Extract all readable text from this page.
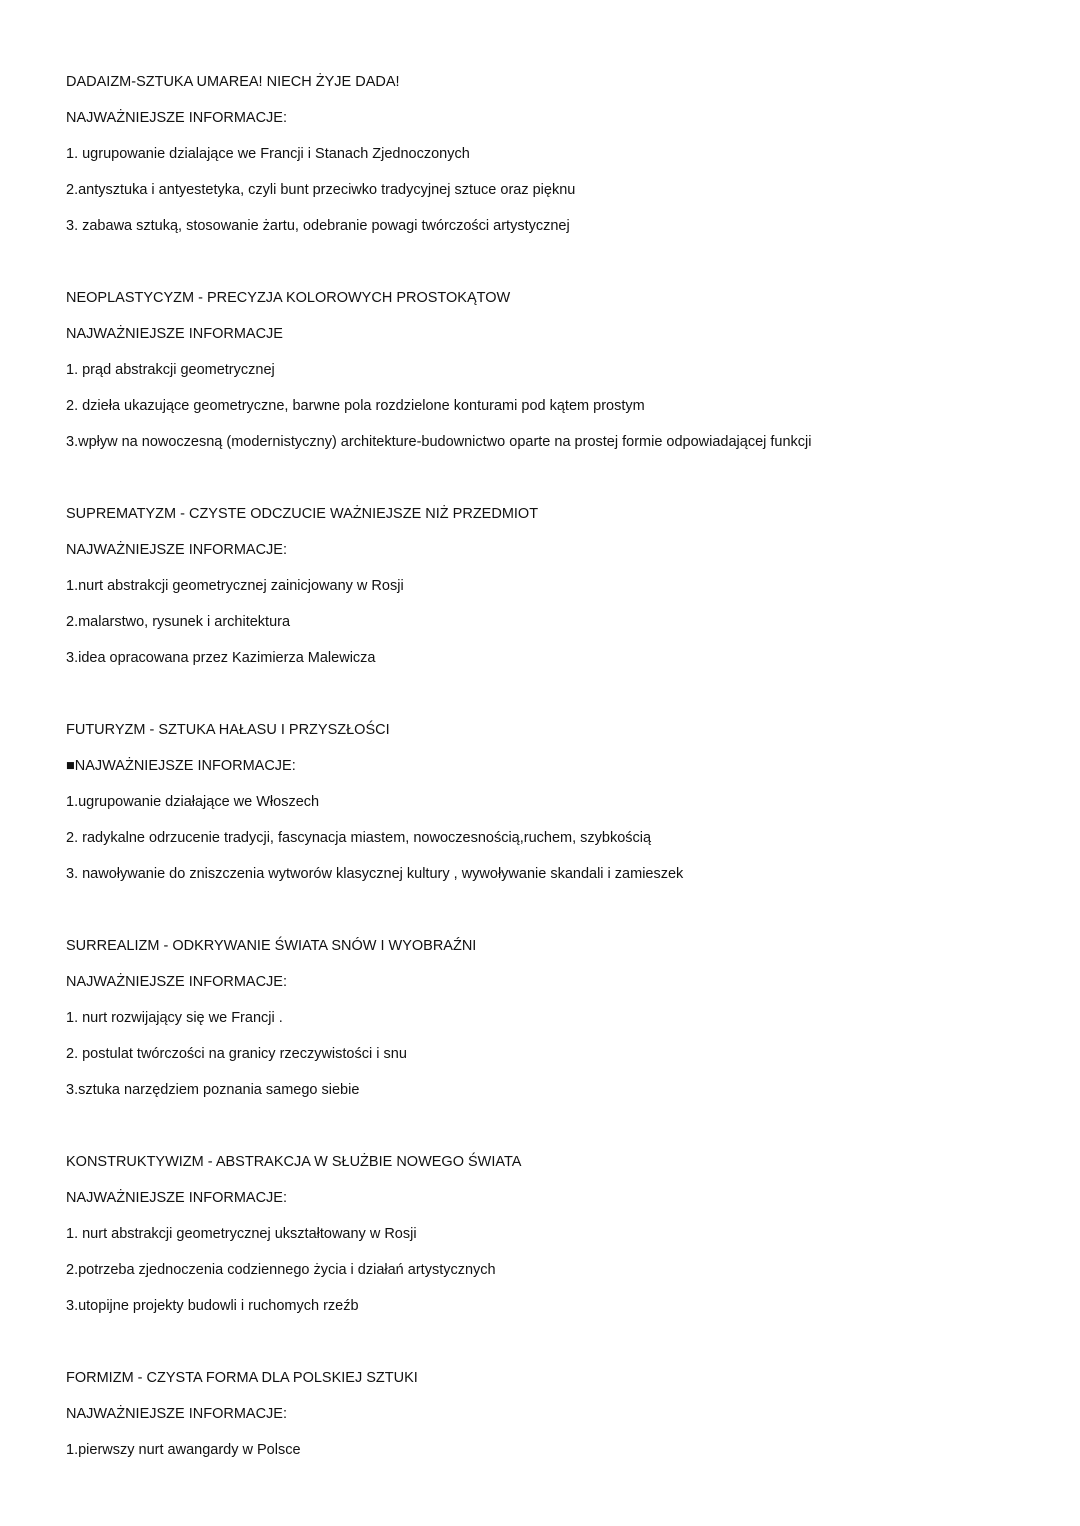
DADAIZM-SZTUKA UMAREA! NIECH ŻYJE DADA!
NAJWAŻNIEJSZE INFORMACJE:
1. ugrupowanie dzialające we Francji i Stanach Zjednoczonych
2.antysztuka i antyestetyka, czyli bunt przeciwko tradycyjnej sztuce oraz pięknu
3. zabawa sztuką, stosowanie żartu, odebranie powagi twórczości artystycznej
NEOPLASTYCYZM - PRECYZJA KOLOROWYCH PROSTOKĄTOW
NAJWAŻNIEJSZE INFORMACJE
1. prąd abstrakcji geometrycznej
2. dzieła ukazujące geometryczne, barwne pola rozdzielone konturami pod kątem prostym
3.wpływ na nowoczesną (modernistyczny) architekture-budownictwo oparte na prostej formie odpowiadającej funkcji
SUPREMATYZM - CZYSTE ODCZUCIE WAŻNIEJSZE NIŻ PRZEDMIOT
NAJWAŻNIEJSZE INFORMACJE:
1.nurt abstrakcji geometrycznej zainicjowany w Rosji
2.malarstwo, rysunek i architektura
3.idea opracowana przez Kazimierza Malewicza
FUTURYZM - SZTUKA HAŁASU I PRZYSZŁOŚCI
■NAJWAŻNIEJSZE INFORMACJE:
1.ugrupowanie działające we Włoszech
2. radykalne odrzucenie tradycji, fascynacja miastem, nowoczesnością,ruchem, szybkością
3. nawoływanie do zniszczenia wytworów klasycznej kultury , wywoływanie skandali i zamieszek
SURREALIZM - ODKRYWANIE ŚWIATA SNÓW I WYOBRAŹNI
NAJWAŻNIEJSZE INFORMACJE:
1. nurt rozwijający się we Francji .
2. postulat twórczości na granicy rzeczywistości i snu
3.sztuka narzędziem poznania samego siebie
KONSTRUKTYWIZM - ABSTRAKCJA W SŁUŻBIE NOWEGO ŚWIATA
NAJWAŻNIEJSZE INFORMACJE:
1. nurt abstrakcji geometrycznej ukształtowany w Rosji
2.potrzeba zjednoczenia codziennego życia i działań artystycznych
3.utopijne projekty budowli i ruchomych rzeźb
FORMIZM - CZYSTA FORMA DLA POLSKIEJ SZTUKI
NAJWAŻNIEJSZE INFORMACJE:
1.pierwszy nurt awangardy w Polsce
